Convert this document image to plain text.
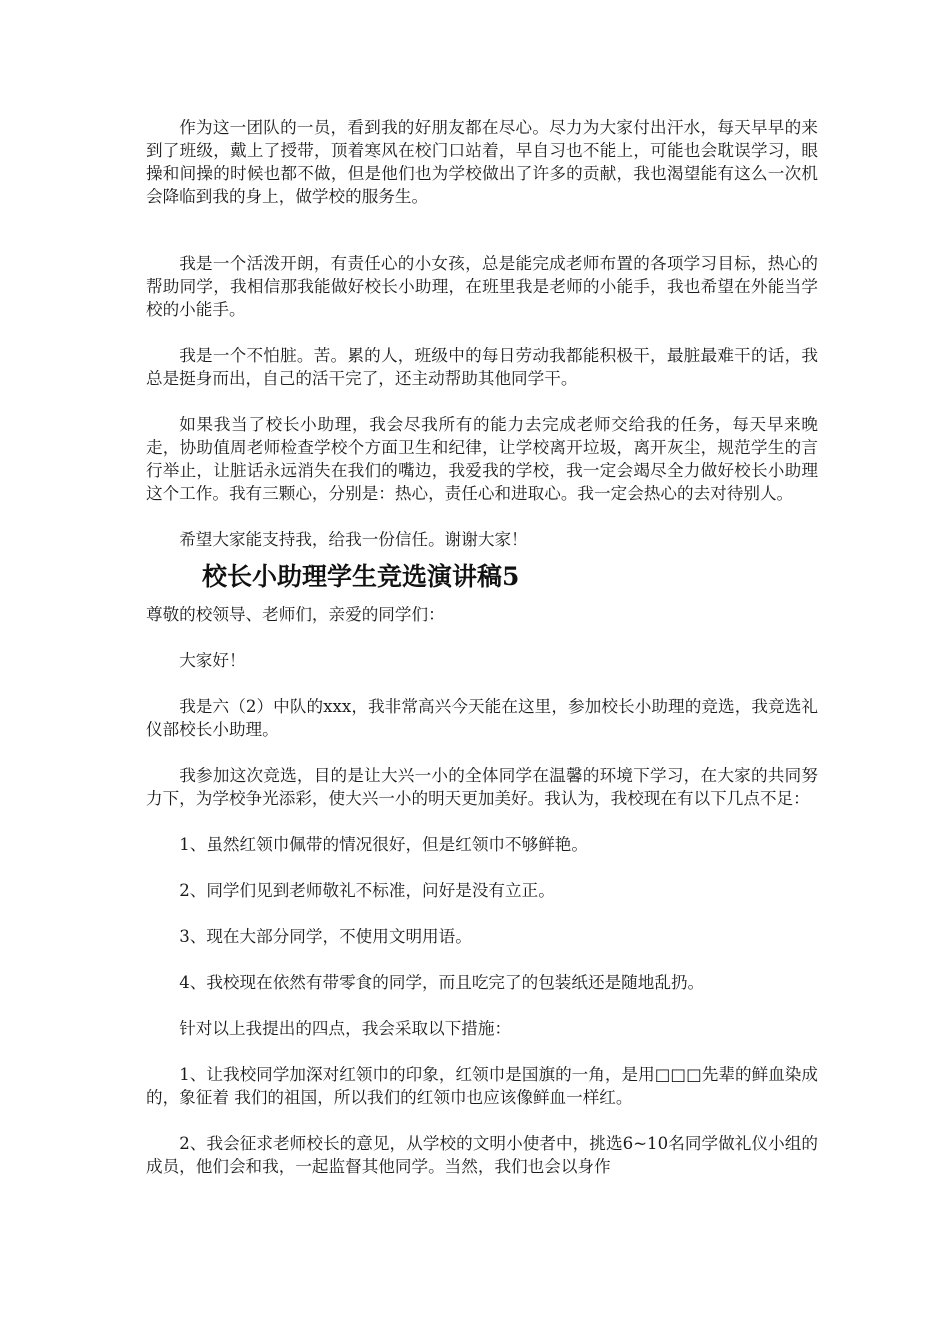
作为这一团队的一员，看到我的好朋友都在尽心。尽力为大家付出汗水，每天早早的来到了班级，戴上了授带，顶着寒风在校门口站着，早自习也不能上，可能也会耽误学习，眼操和间操的时候也都不做，但是他们也为学校做出了许多的贡献，我也渴望能有这么一次机会降临到我的身上，做学校的服务生。

我是一个活泼开朗，有责任心的小女孩，总是能完成老师布置的各项学习目标，热心的帮助同学，我相信那我能做好校长小助理，在班里我是老师的小能手，我也希望在外能当学校的小能手。

我是一个不怕脏。苦。累的人，班级中的每日劳动我都能积极干，最脏最难干的话，我总是挺身而出，自己的活干完了，还主动帮助其他同学干。

如果我当了校长小助理，我会尽我所有的能力去完成老师交给我的任务，每天早来晚走，协助值周老师检查学校个方面卫生和纪律，让学校离开垃圾，离开灰尘，规范学生的言行举止，让脏话永远消失在我们的嘴边，我爱我的学校，我一定会竭尽全力做好校长小助理这个工作。我有三颗心，分别是：热心，责任心和进取心。我一定会热心的去对待别人。

希望大家能支持我，给我一份信任。谢谢大家！

校长小助理学生竞选演讲稿5

尊敬的校领导、老师们，亲爱的同学们：

大家好！

我是六（2）中队的xxx，我非常高兴今天能在这里，参加校长小助理的竞选，我竞选礼仪部校长小助理。

我参加这次竞选，目的是让大兴一小的全体同学在温馨的环境下学习，在大家的共同努力下，为学校争光添彩，使大兴一小的明天更加美好。我认为，我校现在有以下几点不足：

1、虽然红领巾佩带的情况很好，但是红领巾不够鲜艳。

2、同学们见到老师敬礼不标准，问好是没有立正。

3、现在大部分同学，不使用文明用语。

4、我校现在依然有带零食的同学，而且吃完了的包装纸还是随地乱扔。

针对以上我提出的四点，我会采取以下措施：

1、让我校同学加深对红领巾的印象，红领巾是国旗的一角，是用□□□先辈的鲜血染成的，象征着 我们的祖国，所以我们的红领巾也应该像鲜血一样红。

2、我会征求老师校长的意见，从学校的文明小使者中，挑选6~10名同学做礼仪小组的成员，他们会和我，一起监督其他同学。当然，我们也会以身作
